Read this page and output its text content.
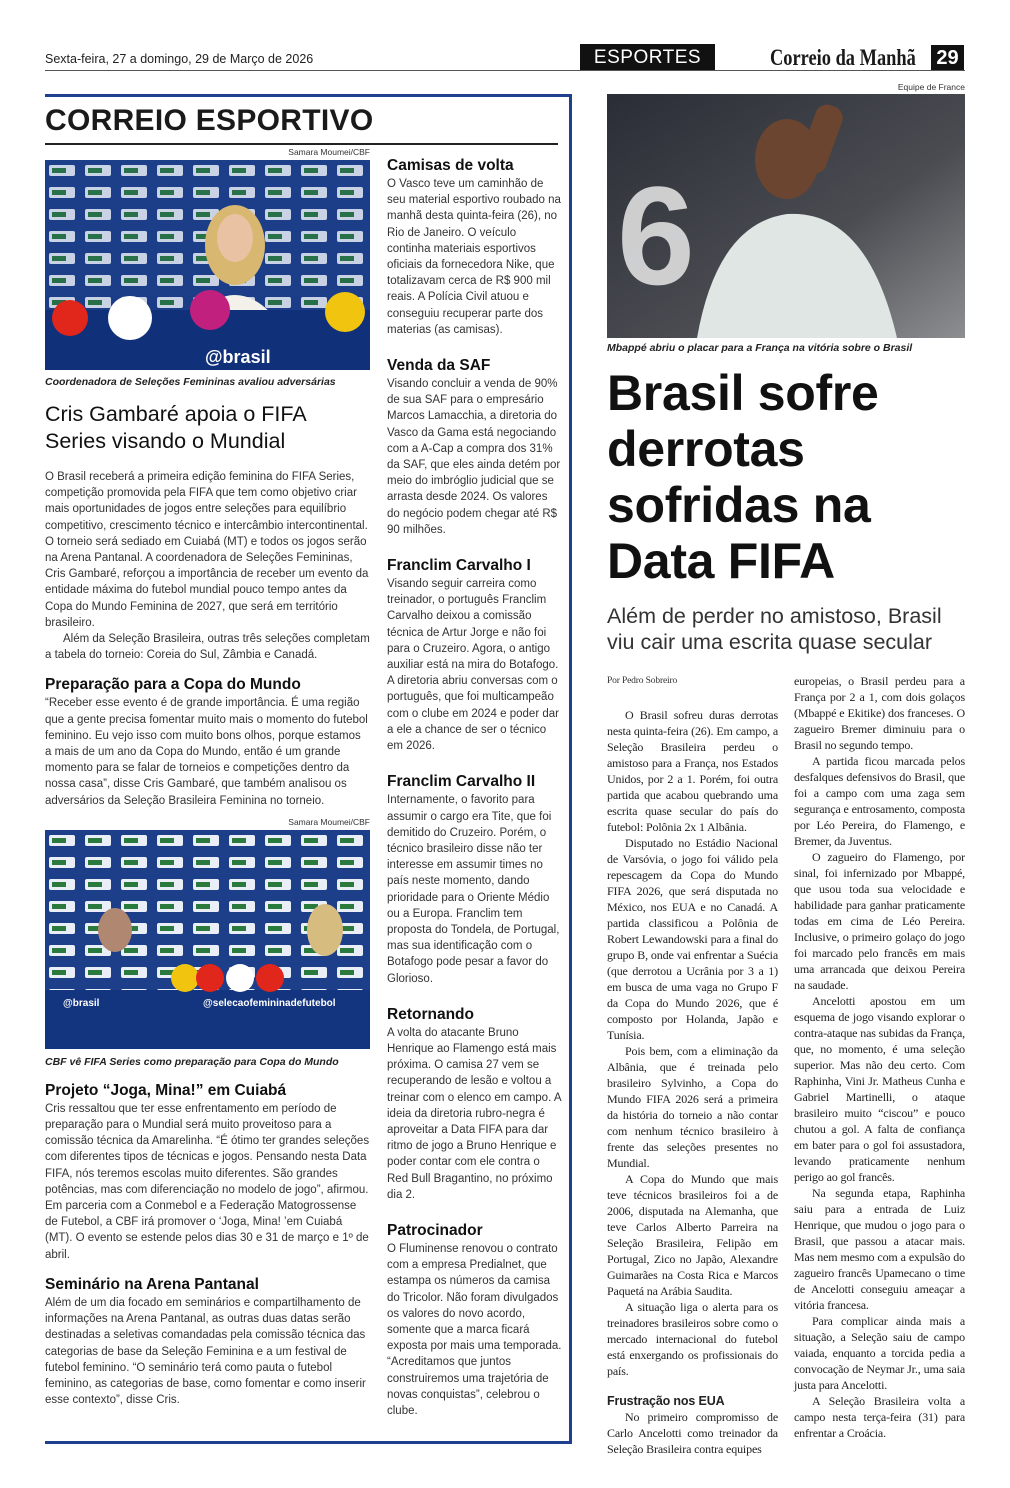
Sexta-feira, 27 a domingo, 29 de Março de 2026	ESPORTES	Correio da Manhã 29
CORREIO ESPORTIVO
Samara Moumei/CBF
@brasil
Coordenadora de Seleções Femininas avaliou adversárias
Cris Gambaré apoia o FIFA Series visando o Mundial

O Brasil receberá a primeira edição feminina do FIFA Series, competição promovida pela FIFA que tem como objetivo criar mais oportunidades de jogos entre seleções para equilíbrio competitivo, crescimento técnico e intercâmbio intercontinental. O torneio será sediado em Cuiabá (MT) e todos os jogos serão na Arena Pantanal. A coordenadora de Seleções Femininas, Cris Gambaré, reforçou a importância de receber um evento da entidade máxima do futebol mundial pouco tempo antes da Copa do Mundo Feminina de 2027, que será em território brasileiro.

Além da Seleção Brasileira, outras três seleções completam a tabela do torneio: Coreia do Sul, Zâmbia e Canadá.

Preparação para a Copa do Mundo
“Receber esse evento é de grande importância. É uma região que a gente precisa fomentar muito mais o momento do futebol feminino. Eu vejo isso com muito bons olhos, porque estamos a mais de um ano da Copa do Mundo, então é um grande momento para se falar de torneios e competições dentro da nossa casa”, disse Cris Gambaré, que também analisou os adversários da Seleção Brasileira Feminina no torneio.
Samara Moumei/CBF
@brasil	@selecaofemininadefutebol
CBF vê FIFA Series como preparação para Copa do Mundo
Projeto “Joga, Mina!” em Cuiabá
Cris ressaltou que ter esse enfrentamento em período de preparação para o Mundial será muito proveitoso para a comissão técnica da Amarelinha. “É ótimo ter grandes seleções com diferentes tipos de técnicas e jogos. Pensando nesta Data FIFA, nós teremos escolas muito diferentes. São grandes potências, mas com diferenciação no modelo de jogo”, afirmou. Em parceria com a Conmebol e a Federação Matogrossense de Futebol, a CBF irá promover o ‘Joga, Mina! ’em Cuiabá (MT). O evento se estende pelos dias 30 e 31 de março e 1º de abril.
Seminário na Arena Pantanal
Além de um dia focado em seminários e compartilhamento de informações na Arena Pantanal, as outras duas datas serão destinadas a seletivas comandadas pela comissão técnica das categorias de base da Seleção Feminina e a um festival de futebol feminino. “O seminário terá como pauta o futebol feminino, as categorias de base, como fomentar e como inserir esse contexto”, disse Cris.
Camisas de volta
O Vasco teve um caminhão de seu material esportivo roubado na manhã desta quinta-feira (26), no Rio de Janeiro. O veículo continha materiais esportivos oficiais da fornecedora Nike, que totalizavam cerca de R$ 900 mil reais. A Polícia Civil atuou e conseguiu recuperar parte dos materias (as camisas).
Venda da SAF
Visando concluir a venda de 90% de sua SAF para o empresário Marcos Lamacchia, a diretoria do Vasco da Gama está negociando com a A-Cap a compra dos 31% da SAF, que eles ainda detém por meio do imbróglio judicial que se arrasta desde 2024. Os valores do negócio podem chegar até R$ 90 milhões.
Franclim Carvalho I
Visando seguir carreira como treinador, o português Franclim Carvalho deixou a comissão técnica de Artur Jorge e não foi para o Cruzeiro. Agora, o antigo auxiliar está na mira do Botafogo. A diretoria abriu conversas com o português, que foi multicampeão com o clube em 2024 e poder dar a ele a chance de ser o técnico em 2026.
Franclim Carvalho II
Internamente, o favorito para assumir o cargo era Tite, que foi demitido do Cruzeiro. Porém, o técnico brasileiro disse não ter interesse em assumir times no país neste momento, dando prioridade para o Oriente Médio ou a Europa. Franclim tem proposta do Tondela, de Portugal, mas sua identificação com o Botafogo pode pesar a favor do Glorioso.
Retornando
A volta do atacante Bruno Henrique ao Flamengo está mais próxima. O camisa 27 vem se recuperando de lesão e voltou a treinar com o elenco em campo. A ideia da diretoria rubro-negra é aproveitar a Data FIFA para dar ritmo de jogo a Bruno Henrique e poder contar com ele contra o Red Bull Bragantino, no próximo dia 2.
Patrocinador
O Fluminense renovou o contrato com a empresa Predialnet, que estampa os números da camisa do Tricolor. Não foram divulgados os valores do novo acordo, somente que a marca ficará exposta por mais uma temporada. “Acreditamos que juntos construiremos uma trajetória de novas conquistas”, celebrou o clube.
Equipe de France
6
Mbappé abriu o placar para a França na vitória sobre o Brasil
Brasil sofre derrotas sofridas na Data FIFA
Além de perder no amistoso, Brasil viu cair uma escrita quase secular
Por Pedro Sobreiro

O Brasil sofreu duras derrotas nesta quinta-feira (26). Em campo, a Seleção Brasileira perdeu o amistoso para a França, nos Estados Unidos, por 2 a 1. Porém, foi outra partida que acabou quebrando uma escrita quase secular do país do futebol: Polônia 2x 1 Albânia.

Disputado no Estádio Nacional de Varsóvia, o jogo foi válido pela repescagem da Copa do Mundo FIFA 2026, que será disputada no México, nos EUA e no Canadá. A partida classificou a Polônia de Robert Lewandowski para a final do grupo B, onde vai enfrentar a Suécia (que derrotou a Ucrânia por 3 a 1) em busca de uma vaga no Grupo F da Copa do Mundo 2026, que é composto por Holanda, Japão e Tunísia.

Pois bem, com a eliminação da Albânia, que é treinada pelo brasileiro Sylvinho, a Copa do Mundo FIFA 2026 será a primeira da história do torneio a não contar com nenhum técnico brasileiro à frente das seleções presentes no Mundial.

A Copa do Mundo que mais teve técnicos brasileiros foi a de 2006, disputada na Alemanha, que teve Carlos Alberto Parreira na Seleção Brasileira, Felipão em Portugal, Zico no Japão, Alexandre Guimarães na Costa Rica e Marcos Paquetá na Arábia Saudita.

A situação liga o alerta para os treinadores brasileiros sobre como o mercado internacional do futebol está enxergando os profissionais do país.

Frustração nos EUA

No primeiro compromisso de Carlo Ancelotti como treinador da Seleção Brasileira contra equipes

europeias, o Brasil perdeu para a França por 2 a 1, com dois golaços (Mbappé e Ekitike) dos franceses. O zagueiro Bremer diminuiu para o Brasil no segundo tempo.

A partida ficou marcada pelos desfalques defensivos do Brasil, que foi a campo com uma zaga sem segurança e entrosamento, composta por Léo Pereira, do Flamengo, e Bremer, da Juventus.

O zagueiro do Flamengo, por sinal, foi infernizado por Mbappé, que usou toda sua velocidade e habilidade para ganhar praticamente todas em cima de Léo Pereira. Inclusive, o primeiro golaço do jogo foi marcado pelo francês em mais uma arrancada que deixou Pereira na saudade.

Ancelotti apostou em um esquema de jogo visando explorar o contra-ataque nas subidas da França, que, no momento, é uma seleção superior. Mas não deu certo. Com Raphinha, Vini Jr. Matheus Cunha e Gabriel Martinelli, o ataque brasileiro muito “ciscou” e pouco chutou a gol. A falta de confiança em bater para o gol foi assustadora, levando praticamente nenhum perigo ao gol francês.

Na segunda etapa, Raphinha saiu para a entrada de Luiz Henrique, que mudou o jogo para o Brasil, que passou a atacar mais. Mas nem mesmo com a expulsão do zagueiro francês Upamecano o time de Ancelotti conseguiu ameaçar a vitória francesa.

Para complicar ainda mais a situação, a Seleção saiu de campo vaiada, enquanto a torcida pedia a convocação de Neymar Jr., uma saia justa para Ancelotti.

A Seleção Brasileira volta a campo nesta terça-feira (31) para enfrentar a Croácia.
